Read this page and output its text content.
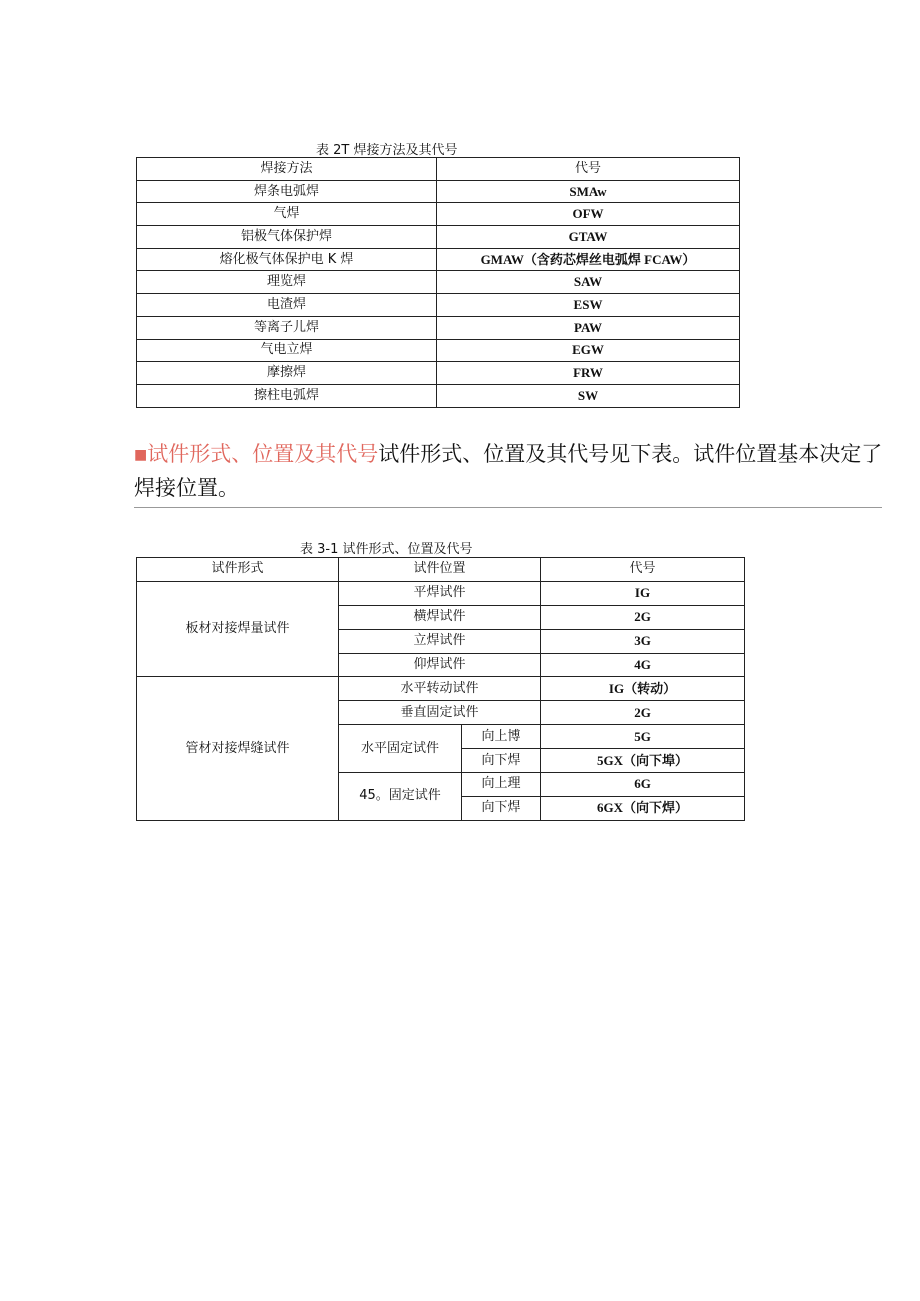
表 2T 焊接方法及其代号
焊接方法	代号
焊条电弧焊	SMAw
气焊	OFW
铝极气体保护焊	GTAW
熔化极气体保护电 K 焊	GMAW（含药芯焊丝电弧焊 FCAW）
理览焊	SAW
电渣焊	ESW
等离子儿焊	PAW
气电立焊	EGW
摩擦焊	FRW
擦柱电弧焊	SW
■试件形式、位置及其代号试件形式、位置及其代号见下表。试件位置基本决定了焊接位置。
表 3-1 试件形式、位置及代号
试件形式	试件位置		代号
板材对接焊量试件	平焊试件		IG
	横焊试件		2G
	立焊试件		3G
	仰焊试件		4G
管材对接焊缝试件	水平转动试件		IG（转动）
	垂直固定试件		2G
	水平固定试件	向上博	5G
		向下焊	5GX（向下埠）
	45。固定试件	向上理	6G
		向下焊	6GX（向下焊）
